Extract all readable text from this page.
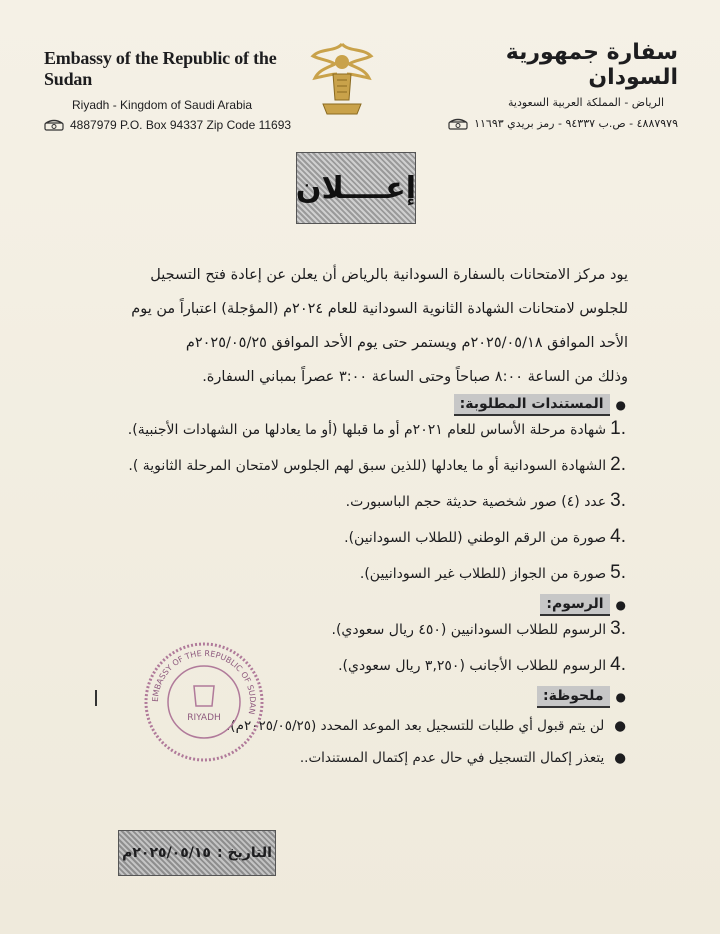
Embassy of the Republic of the Sudan
Riyadh - Kingdom of Saudi Arabia
4887979 P.O. Box 94337 Zip Code 11693
سفارة جمهورية السودان
الرياض - المملكة العربية السعودية
٤٨٨٧٩٧٩ - ص.ب ٩٤٣٣٧ - رمز بريدي ١١٦٩٣
إعــــلان

يود مركز الامتحانات بالسفارة السودانية بالرياض أن يعلن عن إعادة فتح التسجيل

للجلوس لامتحانات الشهادة الثانوية السودانية للعام ٢٠٢٤م (المؤجلة) اعتباراً من يوم

الأحد الموافق ٢٠٢٥/٠٥/١٨م ويستمر حتى يوم الأحد الموافق ٢٠٢٥/٠٥/٢٥م

وذلك من الساعة ٨:٠٠ صباحاً وحتى الساعة ٣:٠٠ عصراً بمباني السفارة.

●
المستندات المطلوبة:
1.
شهادة مرحلة الأساس للعام ٢٠٢١م أو ما قبلها (أو ما يعادلها من الشهادات الأجنبية).
2.
الشهادة السودانية أو ما يعادلها (للذين سبق لهم الجلوس لامتحان المرحلة الثانوية ).
3.
عدد (٤) صور شخصية حديثة حجم الباسبورت.
4.
صورة من الرقم الوطني (للطلاب السودانين).
5.
صورة من الجواز (للطلاب غير السودانيين).
●
الرسوم:
3.
الرسوم للطلاب السودانيين (٤٥٠ ريال سعودي).
4.
الرسوم للطلاب الأجانب (٣,٢٥٠ ريال سعودي).
●
ملحوظة:
●
لن يتم قبول أي طلبات للتسجيل بعد الموعد المحدد (٢٠٢٥/٠٥/٢٥م).
●
يتعذر إكمال التسجيل في حال عدم إكتمال المستندات..
EMBASSY OF THE REPUBLIC OF SUDAN
RIYADH
التاريخ :
٢٠٢٥/٠٥/١٥م
